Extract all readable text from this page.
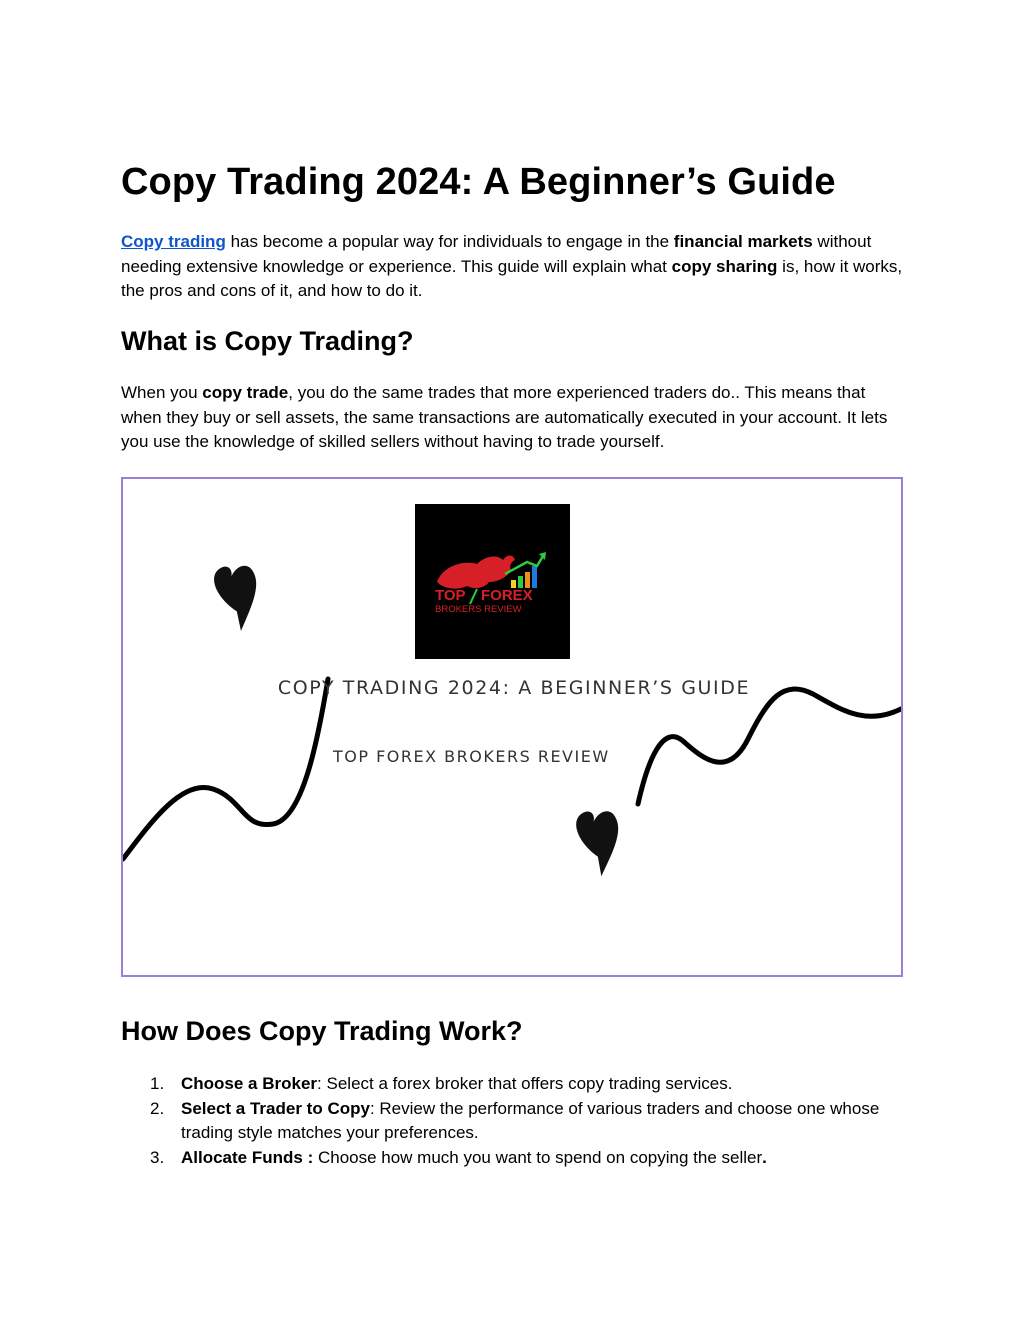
Copy Trading 2024: A Beginner’s Guide

Copy trading has become a popular way for individuals to engage in the financial markets without needing extensive knowledge or experience. This guide will explain what copy sharing is, how it works, the pros and cons of it, and how to do it.

What is Copy Trading?

When you copy trade, you do the same trades that more experienced traders do.. This means that when they buy or sell assets, the same transactions are automatically executed in your account. It lets you use the knowledge of skilled sellers without having to trade yourself.

How Does Copy Trading Work?
1. Choose a Broker: Select a forex broker that offers copy trading services.
2. Select a Trader to Copy: Review the performance of various traders and choose one whose trading style matches your preferences.
3. Allocate Funds : Choose how much you want to spend on copying the seller.
TOP FOREX
BROKERS REVIEW
COPY TRADING 2024: A BEGINNER’S GUIDE
TOP FOREX BROKERS REVIEW
